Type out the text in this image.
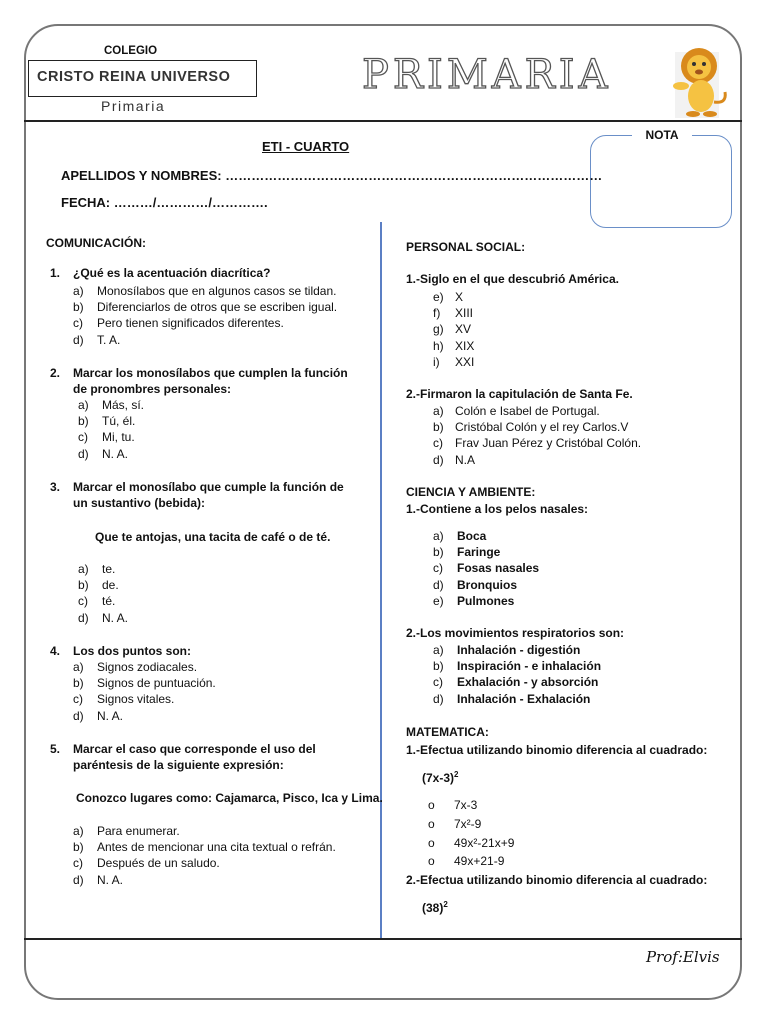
COLEGIO
CRISTO REINA UNIVERSO
Primaria
PRIMARIA
ETI - CUARTO
NOTA
APELLIDOS Y NOMBRES: ……………………………………………………………………………
FECHA: ………/…………/………….
COMUNICACIÓN:
1. ¿Qué es la acentuación diacrítica?
a) Monosílabos que en algunos casos se tildan.
b) Diferenciarlos de otros que se escriben igual.
c) Pero tienen significados diferentes.
d) T. A.
2. Marcar los monosílabos que cumplen la función
de pronombres personales:
a) Más, sí.
b) Tú, él.
c) Mi, tu.
d) N. A.
3. Marcar el monosílabo que cumple la función de
un sustantivo (bebida):
Que te antojas, una tacita de café o de té.
a) te.
b) de.
c) té.
d) N. A.
4. Los dos puntos son:
a) Signos zodiacales.
b) Signos de puntuación.
c) Signos vitales.
d) N. A.
5. Marcar el caso que corresponde el uso del
paréntesis de la siguiente expresión:
Conozco lugares como: Cajamarca, Pisco, Ica y Lima.
a) Para enumerar.
b) Antes de mencionar una cita textual o refrán.
c) Después de un saludo.
d) N. A.
PERSONAL SOCIAL:
1.-Siglo en el que descubrió América.
e) X
f) XIII
g) XV
h) XIX
i) XXI
2.-Firmaron la capitulación de Santa Fe.
a) Colón e Isabel de Portugal.
b) Cristóbal Colón y el rey Carlos.V
c) Frav Juan Pérez y Cristóbal Colón.
d) N.A
CIENCIA Y AMBIENTE:
1.-Contiene a los pelos nasales:
a) Boca
b) Faringe
c) Fosas nasales
d) Bronquios
e) Pulmones
2.-Los movimientos respiratorios son:
a) Inhalación - digestión
b) Inspiración - e inhalación
c) Exhalación - y absorción
d) Inhalación - Exhalación
MATEMATICA:
1.-Efectua utilizando binomio diferencia al cuadrado:
$(7x-3)^2$
o 7x-3
o 7x²-9
o 49x²-21x+9
o 49x+21-9
2.-Efectua utilizando binomio diferencia al cuadrado:
$(38)^2$
Prof:Elvis
